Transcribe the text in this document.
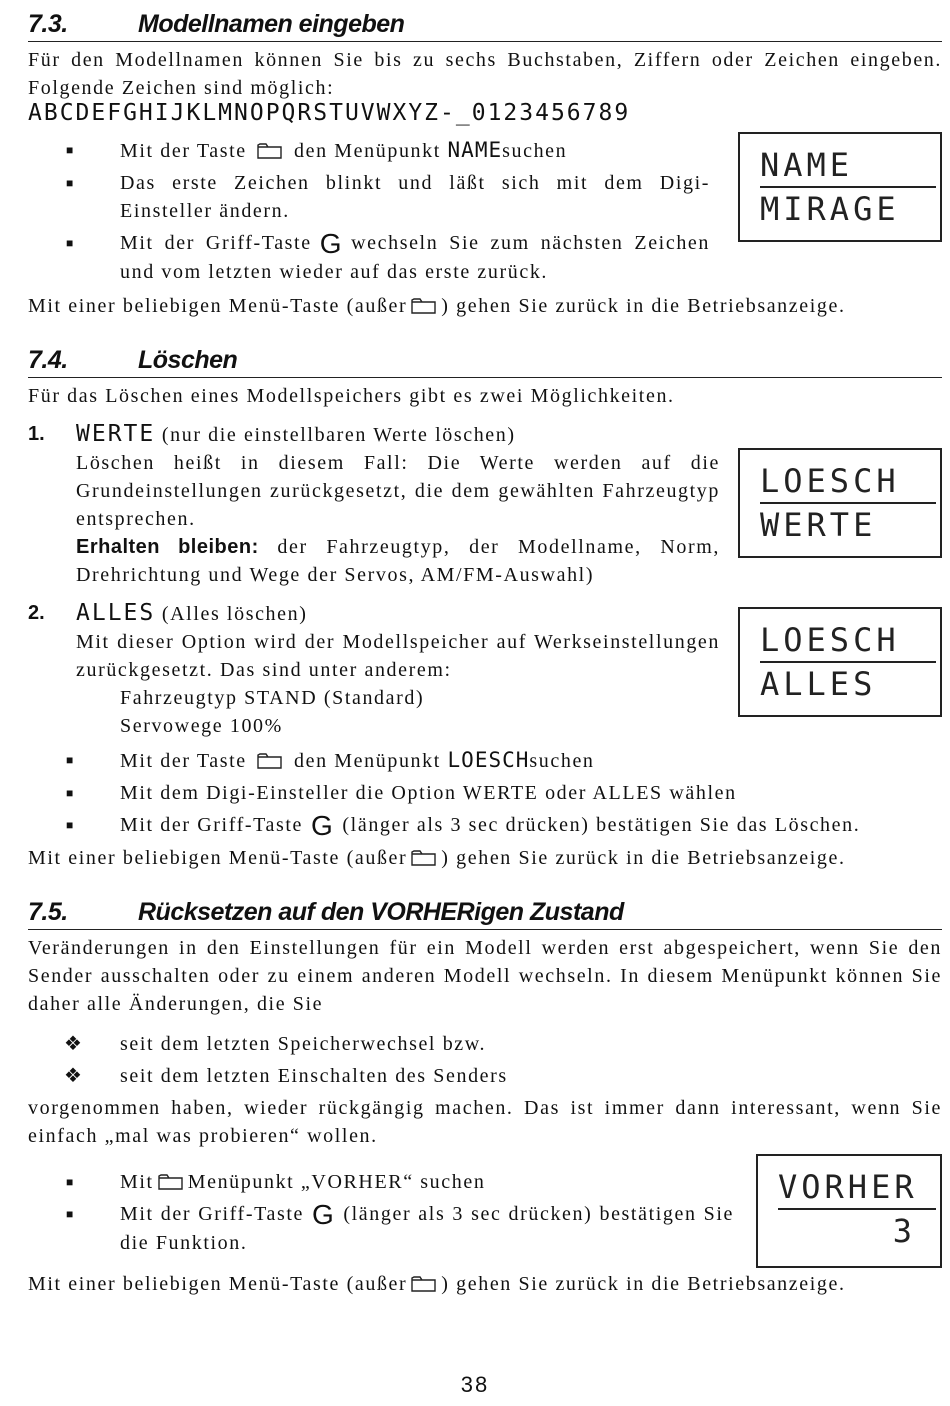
7.3.	Modellnamen eingeben

Für den Modellnamen können Sie bis zu sechs Buchstaben, Ziffern oder Zeichen eingeben. Folgende Zeichen sind möglich:

ABCDEFGHIJKLMNOPQRSTUVWXYZ-_0123456789
■	Mit der Taste den Menüpunkt NAMEsuchen
■	Das erste Zeichen blinkt und läßt sich mit dem Digi-Einsteller ändern.
■	Mit der Griff-Taste G wechseln Sie zum nächsten Zeichen und vom letzten wieder auf das erste zurück.
NAME
MIRAGE

Mit einer beliebigen Menü-Taste (außer ) gehen Sie zurück in die Betriebsanzeige.

7.4.	Löschen

Für das Löschen eines Modellspeichers gibt es zwei Möglichkeiten.

1.	WERTE (nur die einstellbaren Werte löschen)
Löschen heißt in diesem Fall: Die Werte werden auf die Grundeinstellungen zurückgesetzt, die dem gewählten Fahrzeugtyp entsprechen.
Erhalten bleiben: der Fahrzeugtyp, der Modellname, Norm, Drehrichtung und Wege der Servos, AM/FM-Auswahl)
LOESCH
WERTE
2.	ALLES (Alles löschen)
Mit dieser Option wird der Modellspeicher auf Werkseinstellungen zurückgesetzt. Das sind unter anderem:
Fahrzeugtyp STAND (Standard)
Servowege 100%
LOESCH
ALLES
■	Mit der Taste den Menüpunkt LOESCHsuchen
■	Mit dem Digi-Einsteller die Option WERTE oder ALLES wählen
■	Mit der Griff-Taste G (länger als 3 sec drücken) bestätigen Sie das Löschen.

Mit einer beliebigen Menü-Taste (außer ) gehen Sie zurück in die Betriebsanzeige.

7.5.	Rücksetzen auf den VORHERigen Zustand

Veränderungen in den Einstellungen für ein Modell werden erst abgespeichert, wenn Sie den Sender ausschalten oder zu einem anderen Modell wechseln. In diesem Menüpunkt können Sie daher alle Änderungen, die Sie

❖	seit dem letzten Speicherwechsel bzw.
❖	seit dem letzten Einschalten des Senders

vorgenommen haben, wieder rückgängig machen. Das ist immer dann interessant, wenn Sie einfach „mal was probieren“ wollen.

■	Mit Menüpunkt „VORHER“ suchen
■	Mit der Griff-Taste G (länger als 3 sec drücken) bestätigen Sie die Funktion.
VORHER
3

Mit einer beliebigen Menü-Taste (außer ) gehen Sie zurück in die Betriebsanzeige.

38
